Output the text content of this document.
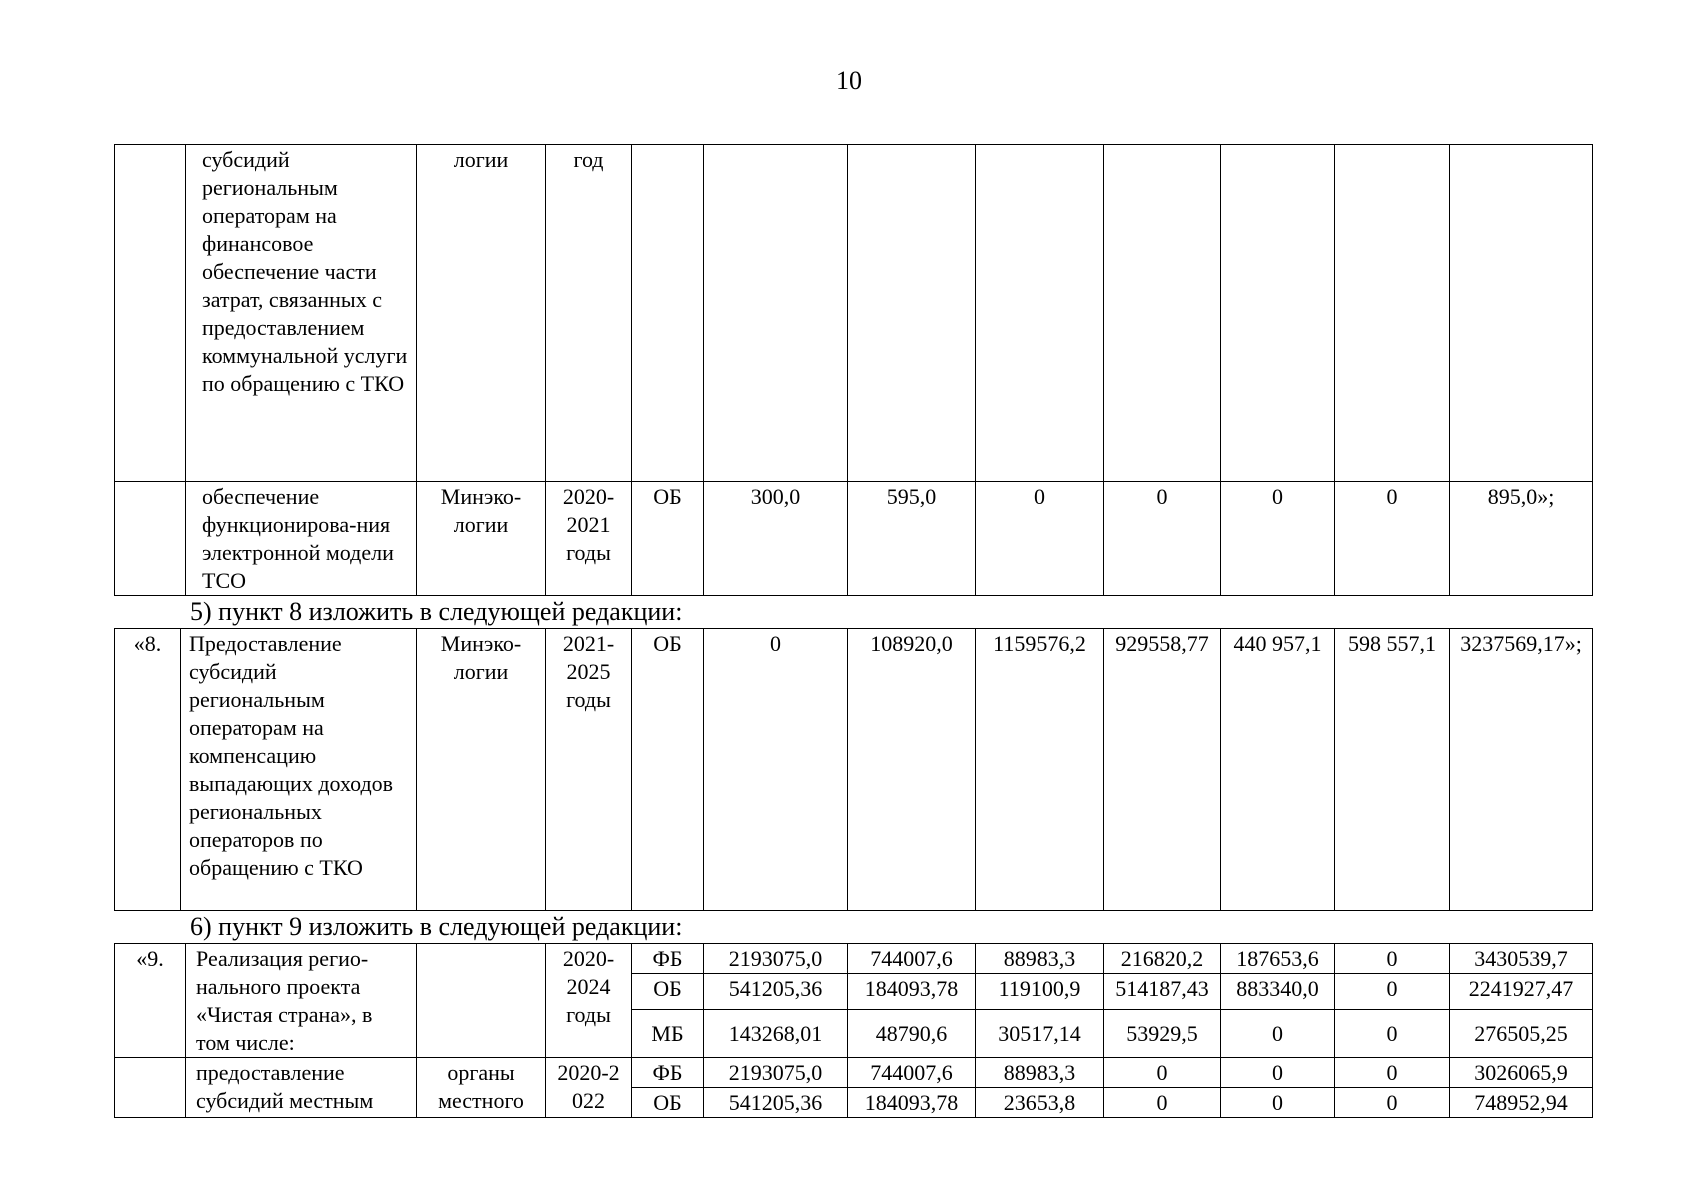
10
	субсидий региональным операторам на финансовое обеспечение части затрат, связанных с предоставлением коммунальной услуги по обращению с ТКО	логии	год								
	обеспечение функционирова-ния электронной модели ТСО	Минэко-логии	2020-2021 годы	ОБ	300,0	595,0	0	0	0	0	895,0»;
5) пункт 8 изложить в следующей редакции:
«8.	Предоставление субсидий региональным операторам на компенсацию выпадающих доходов региональных операторов по обращению с ТКО	Минэко-логии	2021-2025 годы	ОБ	0	108920,0	1159576,2	929558,77	440 957,1	598 557,1	3237569,17»;
6) пункт 9 изложить в следующей редакции:
«9.	Реализация регио-нального проекта «Чистая страна», в том числе:		2020-2024 годы	ФБ	2193075,0	744007,6	88983,3	216820,2	187653,6	0	3430539,7
				ОБ	541205,36	184093,78	119100,9	514187,43	883340,0	0	2241927,47
				МБ	143268,01	48790,6	30517,14	53929,5	0	0	276505,25
	предоставление субсидий местным	органы местного	2020-2022	ФБ	2193075,0	744007,6	88983,3	0	0	0	3026065,9
				ОБ	541205,36	184093,78	23653,8	0	0	0	748952,94
